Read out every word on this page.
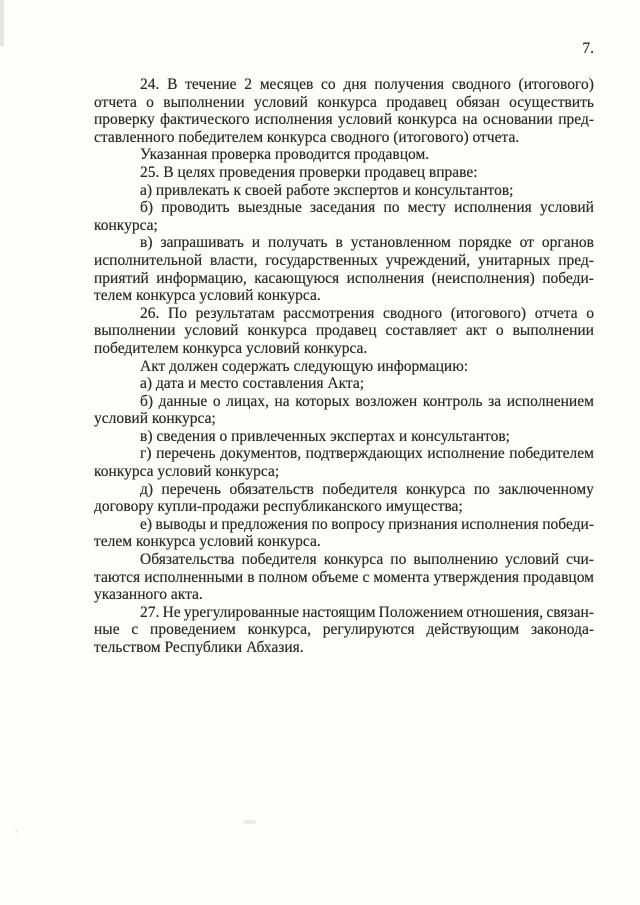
7.
24. В течение 2 месяцев со дня получения сводного (итогового)
отчета о выполнении условий конкурса продавец обязан осуществить
проверку фактического исполнения условий конкурса на основании пред-
ставленного победителем конкурса сводного (итогового) отчета.
Указанная проверка проводится продавцом.
25. В целях проведения проверки продавец вправе:
а) привлекать к своей работе экспертов и консультантов;
б) проводить выездные заседания по месту исполнения условий
конкурса;
в) запрашивать и получать в установленном порядке от органов
исполнительной власти, государственных учреждений, унитарных пред-
приятий информацию, касающуюся исполнения (неисполнения) победи-
телем конкурса условий конкурса.
26. По результатам рассмотрения сводного (итогового) отчета о
выполнении условий конкурса продавец составляет акт о выполнении
победителем конкурса условий конкурса.
Акт должен содержать следующую информацию:
а) дата и место составления Акта;
б) данные о лицах, на которых возложен контроль за исполнением
условий конкурса;
в) сведения о привлеченных экспертах и консультантов;
г) перечень документов, подтверждающих исполнение победителем
конкурса условий конкурса;
д) перечень обязательств победителя конкурса по заключенному
договору купли-продажи республиканского имущества;
е) выводы и предложения по вопросу признания исполнения победи-
телем конкурса условий конкурса.
Обязательства победителя конкурса по выполнению условий счи-
таются исполненными в полном объеме с момента утверждения продавцом
указанного акта.
27. Не урегулированные настоящим Положением отношения, связан-
ные с проведением конкурса, регулируются действующим законода-
тельством Республики Абхазия.
